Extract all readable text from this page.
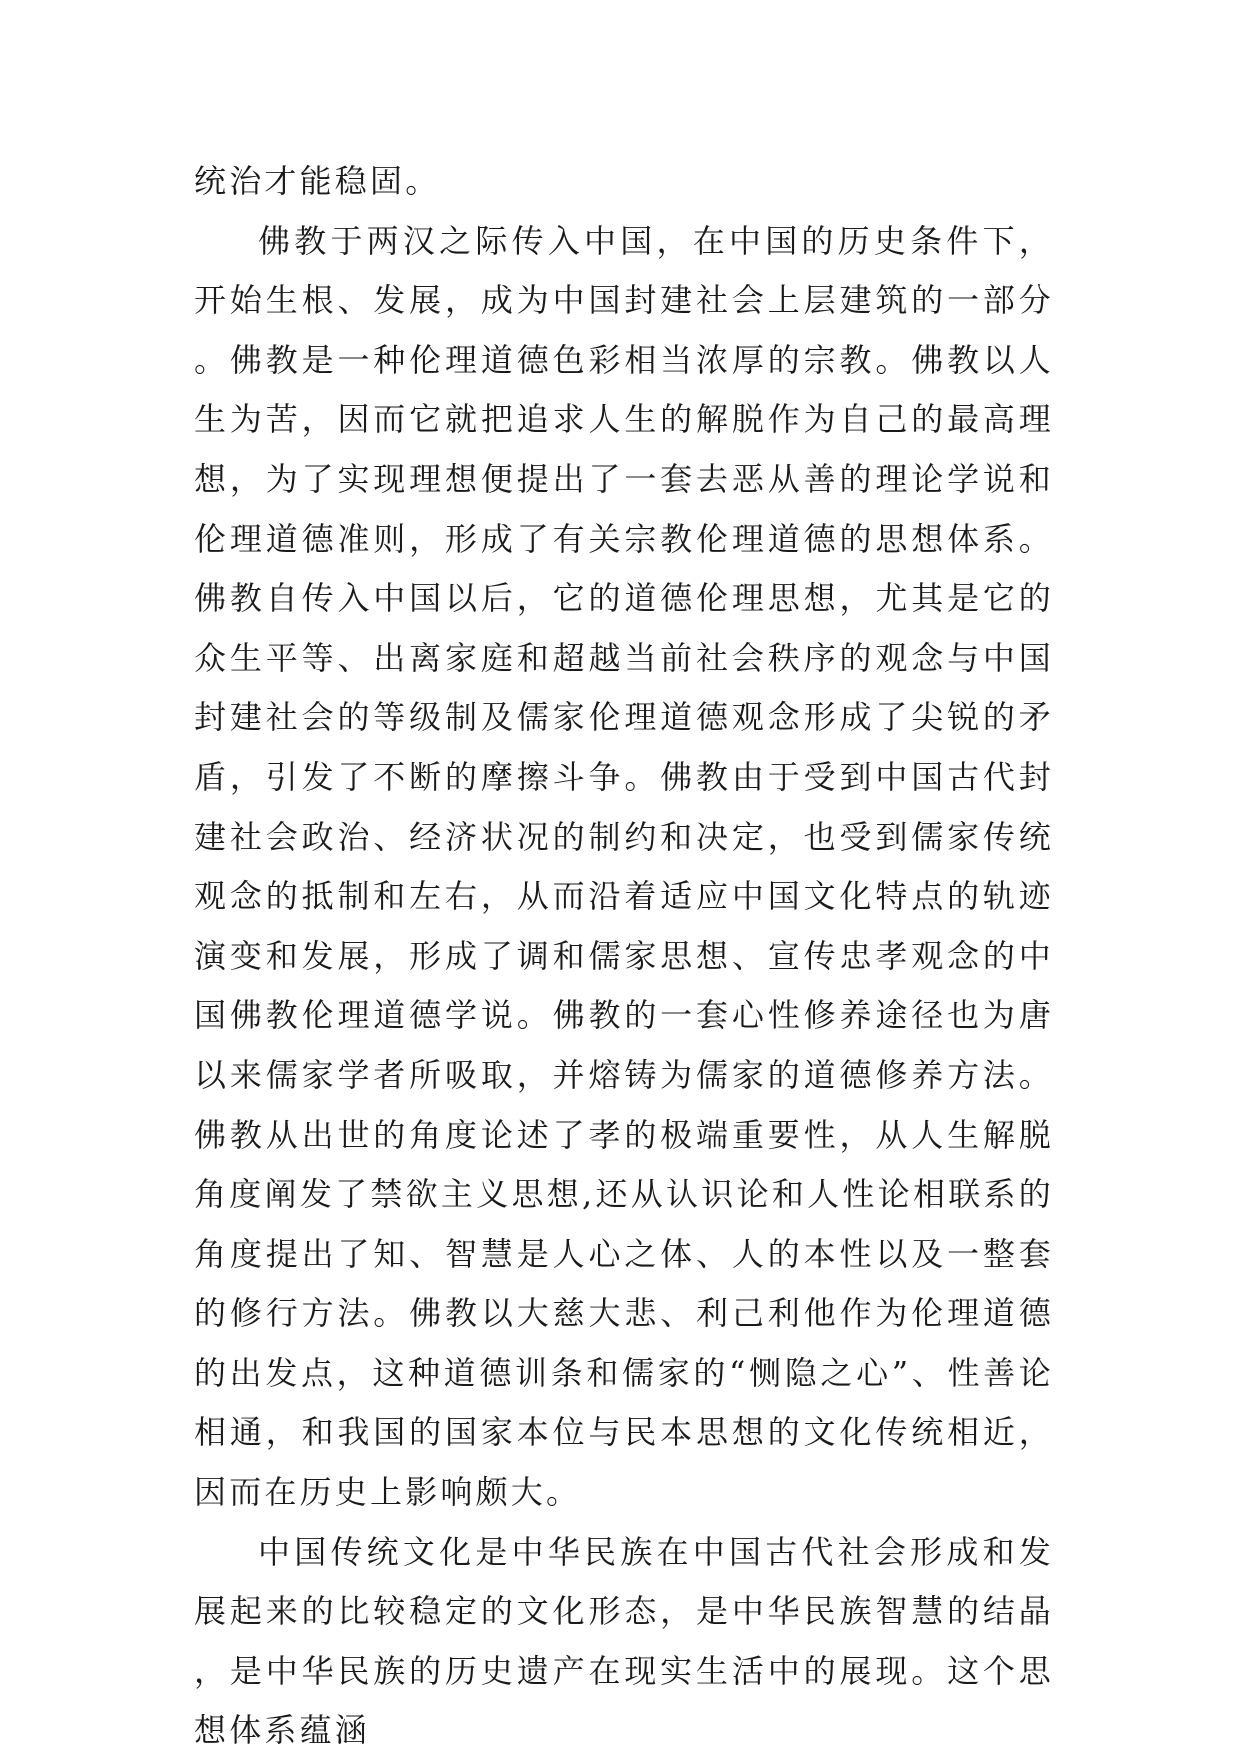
统治才能稳固。

佛教于两汉之际传入中国，在中国的历史条件下，开始生根、发展，成为中国封建社会上层建筑的一部分。佛教是一种伦理道德色彩相当浓厚的宗教。佛教以人生为苦，因而它就把追求人生的解脱作为自己的最高理想，为了实现理想便提出了一套去恶从善的理论学说和伦理道德准则，形成了有关宗教伦理道德的思想体系。佛教自传入中国以后，它的道德伦理思想，尤其是它的众生平等、出离家庭和超越当前社会秩序的观念与中国封建社会的等级制及儒家伦理道德观念形成了尖锐的矛盾，引发了不断的摩擦斗争。佛教由于受到中国古代封建社会政治、经济状况的制约和决定，也受到儒家传统观念的抵制和左右，从而沿着适应中国文化特点的轨迹演变和发展，形成了调和儒家思想、宣传忠孝观念的中国佛教伦理道德学说。佛教的一套心性修养途径也为唐以来儒家学者所吸取，并熔铸为儒家的道德修养方法。佛教从出世的角度论述了孝的极端重要性，从人生解脱角度阐发了禁欲主义思想,还从认识论和人性论相联系的角度提出了知、智慧是人心之体、人的本性以及一整套的修行方法。佛教以大慈大悲、利己利他作为伦理道德的出发点，这种道德训条和儒家的“恻隐之心”、性善论相通，和我国的国家本位与民本思想的文化传统相近，因而在历史上影响颇大。

中国传统文化是中华民族在中国古代社会形成和发展起来的比较稳定的文化形态，是中华民族智慧的结晶，是中华民族的历史遗产在现实生活中的展现。这个思想体系蕴涵
